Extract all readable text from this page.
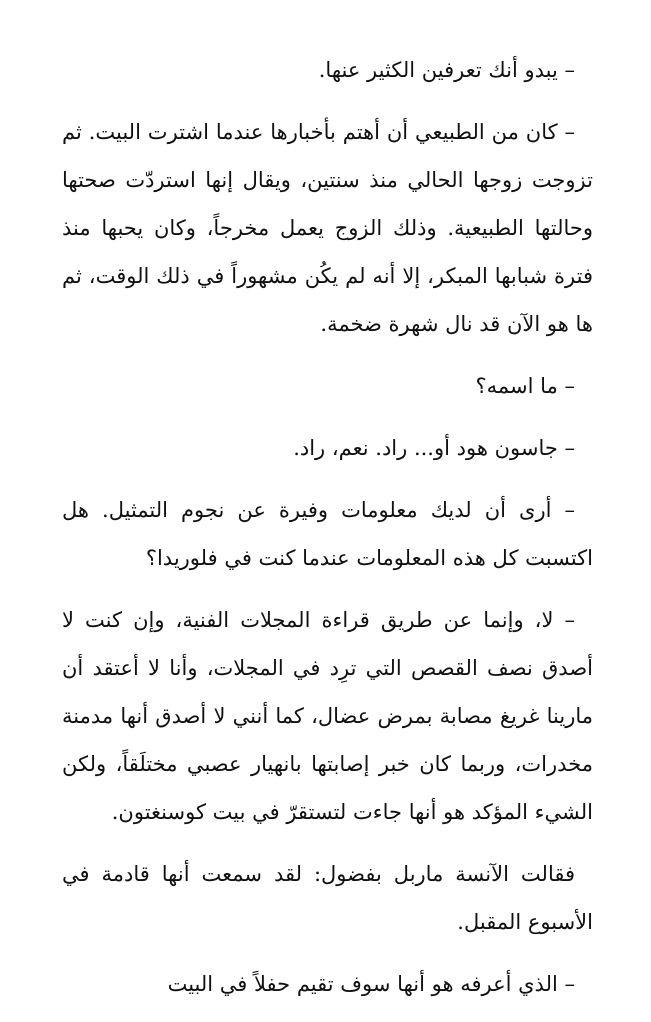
– يبدو أنك تعرفين الكثير عنها.

– كان من الطبيعي أن أهتم بأخبارها عندما اشترت البيت. ثم تزوجت زوجها الحالي منذ سنتين، ويقال إنها استردّت صحتها وحالتها الطبيعية. وذلك الزوج يعمل مخرجاً، وكان يحبها منذ فترة شبابها المبكر، إلا أنه لم يكُن مشهوراً في ذلك الوقت، ثم ها هو الآن قد نال شهرة ضخمة.

– ما اسمه؟

– جاسون هود أو... راد. نعم، راد.

– أرى أن لديك معلومات وفيرة عن نجوم التمثيل. هل اكتسبت كل هذه المعلومات عندما كنت في فلوريدا؟

– لا، وإنما عن طريق قراءة المجلات الفنية، وإن كنت لا أصدق نصف القصص التي ترِد في المجلات، وأنا لا أعتقد أن مارينا غريغ مصابة بمرض عضال، كما أنني لا أصدق أنها مدمنة مخدرات، وربما كان خبر إصابتها بانهيار عصبي مختلَقاً، ولكن الشيء المؤكد هو أنها جاءت لتستقرّ في بيت كوسنغتون.

فقالت الآنسة ماربل بفضول: لقد سمعت أنها قادمة في الأسبوع المقبل.

– الذي أعرفه هو أنها سوف تقيم حفلاً في البيت
